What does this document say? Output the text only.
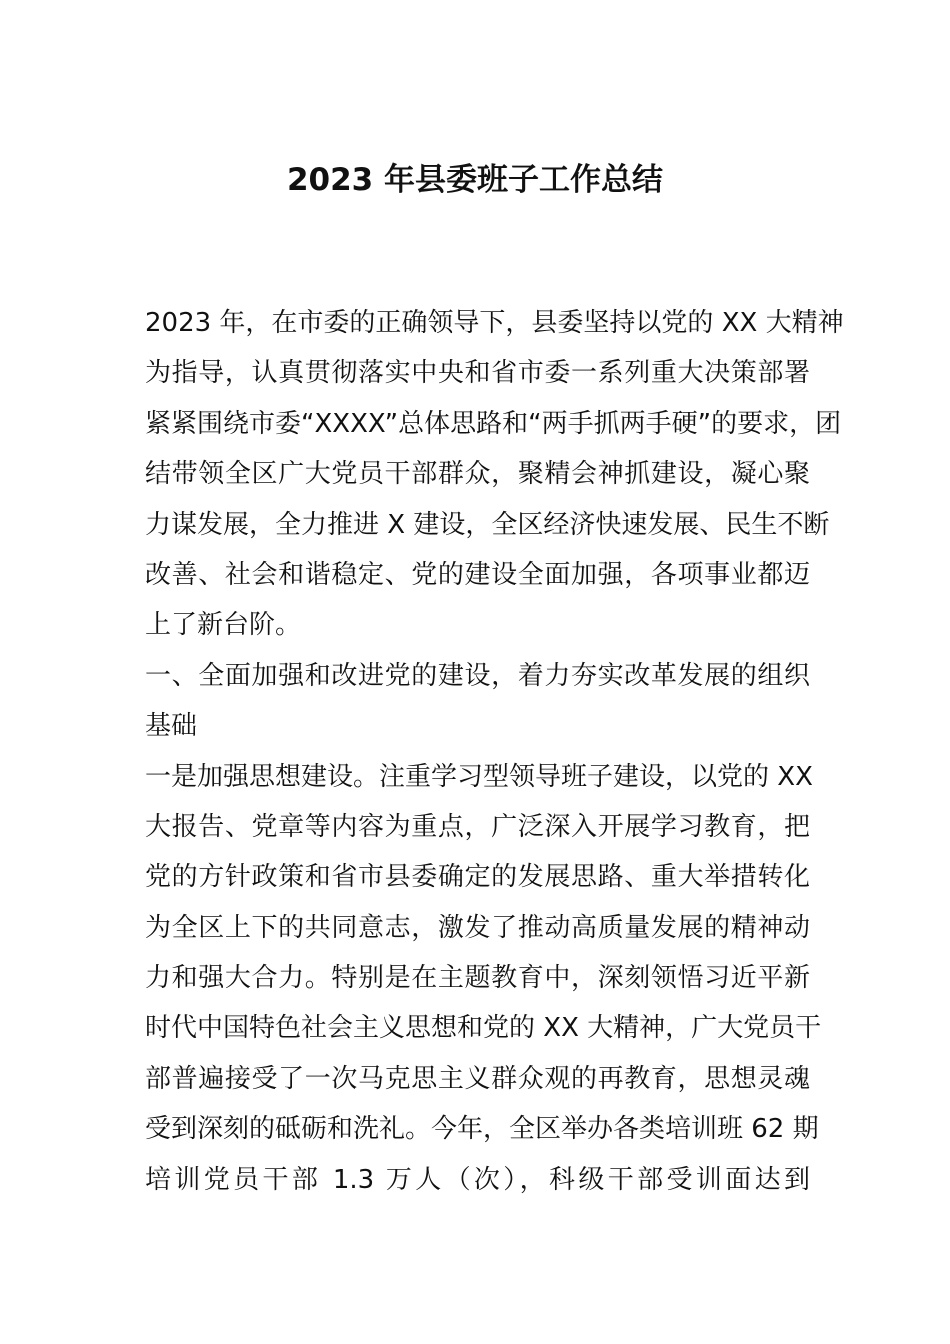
2023 年县委班子工作总结
2023 年，在市委的正确领导下，县委坚持以党的 XX 大精神
为指导，认真贯彻落实中央和省市委一系列重大决策部署
紧紧围绕市委“XXXX”总体思路和“两手抓两手硬”的要求，团
结带领全区广大党员干部群众，聚精会神抓建设，凝心聚
力谋发展，全力推进 X 建设，全区经济快速发展、民生不断
改善、社会和谐稳定、党的建设全面加强，各项事业都迈
上了新台阶。
一、全面加强和改进党的建设，着力夯实改革发展的组织
基础
一是加强思想建设。注重学习型领导班子建设，以党的 XX
大报告、党章等内容为重点，广泛深入开展学习教育，把
党的方针政策和省市县委确定的发展思路、重大举措转化
为全区上下的共同意志，激发了推动高质量发展的精神动
力和强大合力。特别是在主题教育中，深刻领悟习近平新
时代中国特色社会主义思想和党的 XX 大精神，广大党员干
部普遍接受了一次马克思主义群众观的再教育，思想灵魂
受到深刻的砥砺和洗礼。今年，全区举办各类培训班 62 期
培训党员干部 1.3 万人（次），科级干部受训面达到
